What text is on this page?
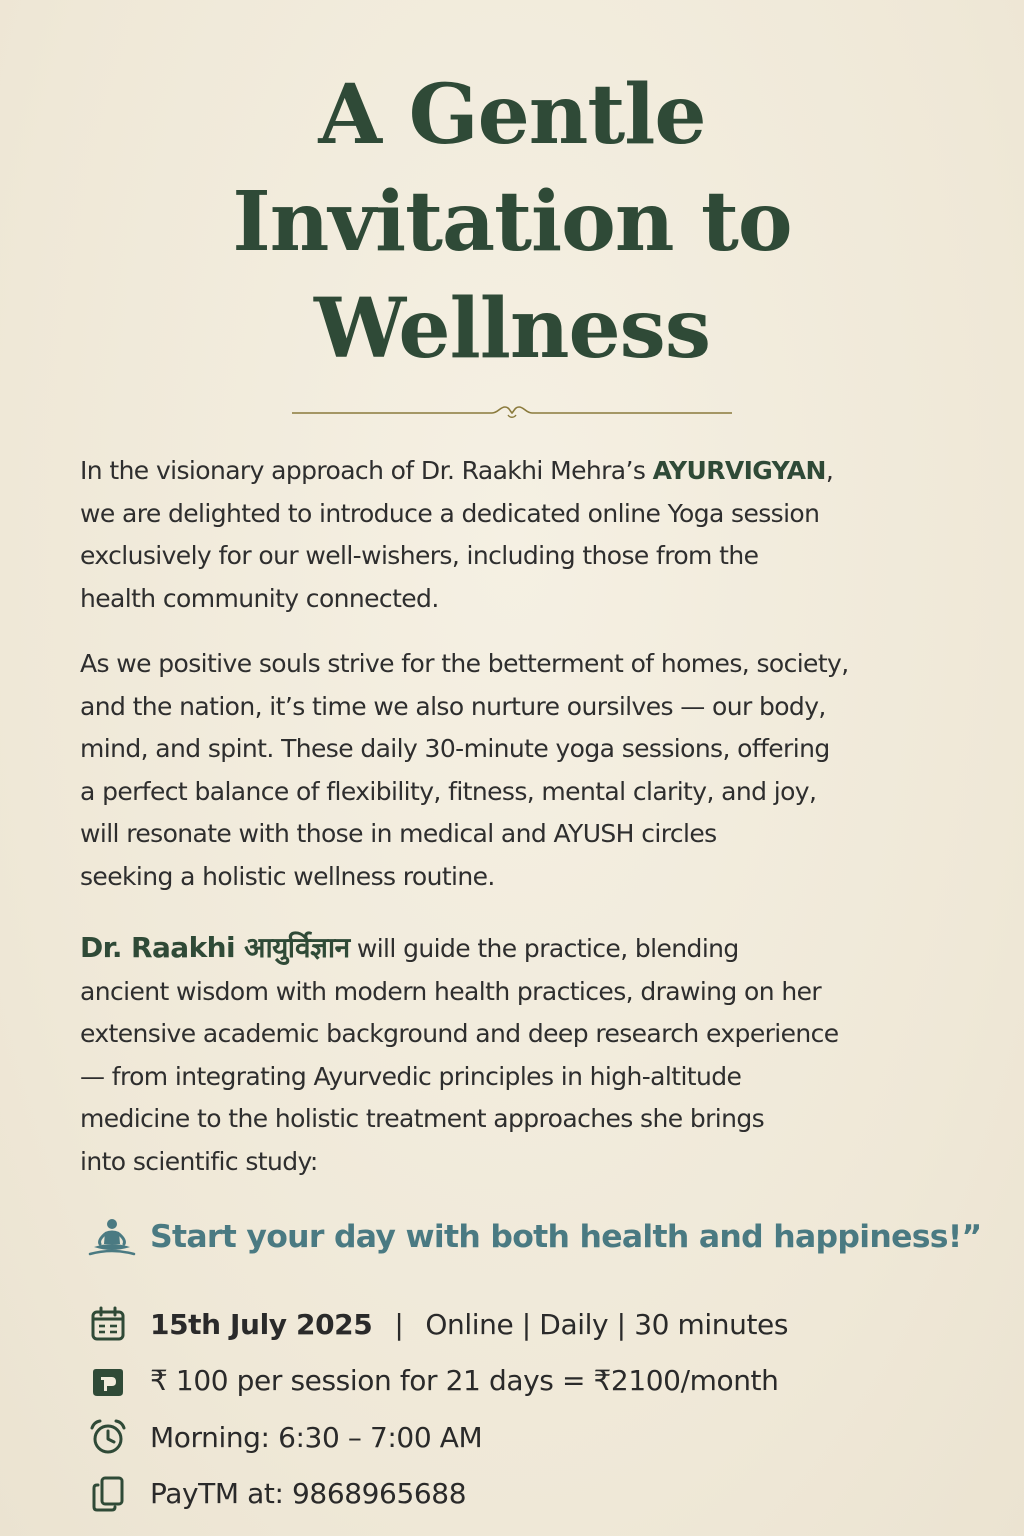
A Gentle
Invitation to
Wellness

In the visionary approach of Dr. Raakhi Mehra’s AYURVIGYAN,
we are delighted to introduce a dedicated online Yoga session
exclusively for our well-wishers, including those from the
health community connected.

As we positive souls strive for the betterment of homes, society,
and the nation, it’s time we also nurture oursilves — our body,
mind, and spint. These daily 30-minute yoga sessions, offering
a perfect balance of flexibility, fitness, mental clarity, and joy,
will resonate with those in medical and AYUSH circles
seeking a holistic wellness routine.

Dr. Raakhi आयुर्विज्ञान will guide the practice, blending
ancient wisdom with modern health practices, drawing on her
extensive academic background and deep research experience
— from integrating Ayurvedic principles in high-altitude
medicine to the holistic treatment approaches she brings
into scientific study:

Start your day with both health and happiness!”
15th July 2025 | Online | Daily | 30 minutes
₹ 100 per session for 21 days = ₹2100/month
Morning: 6:30 – 7:00 AM
PayTM at: 9868965688
